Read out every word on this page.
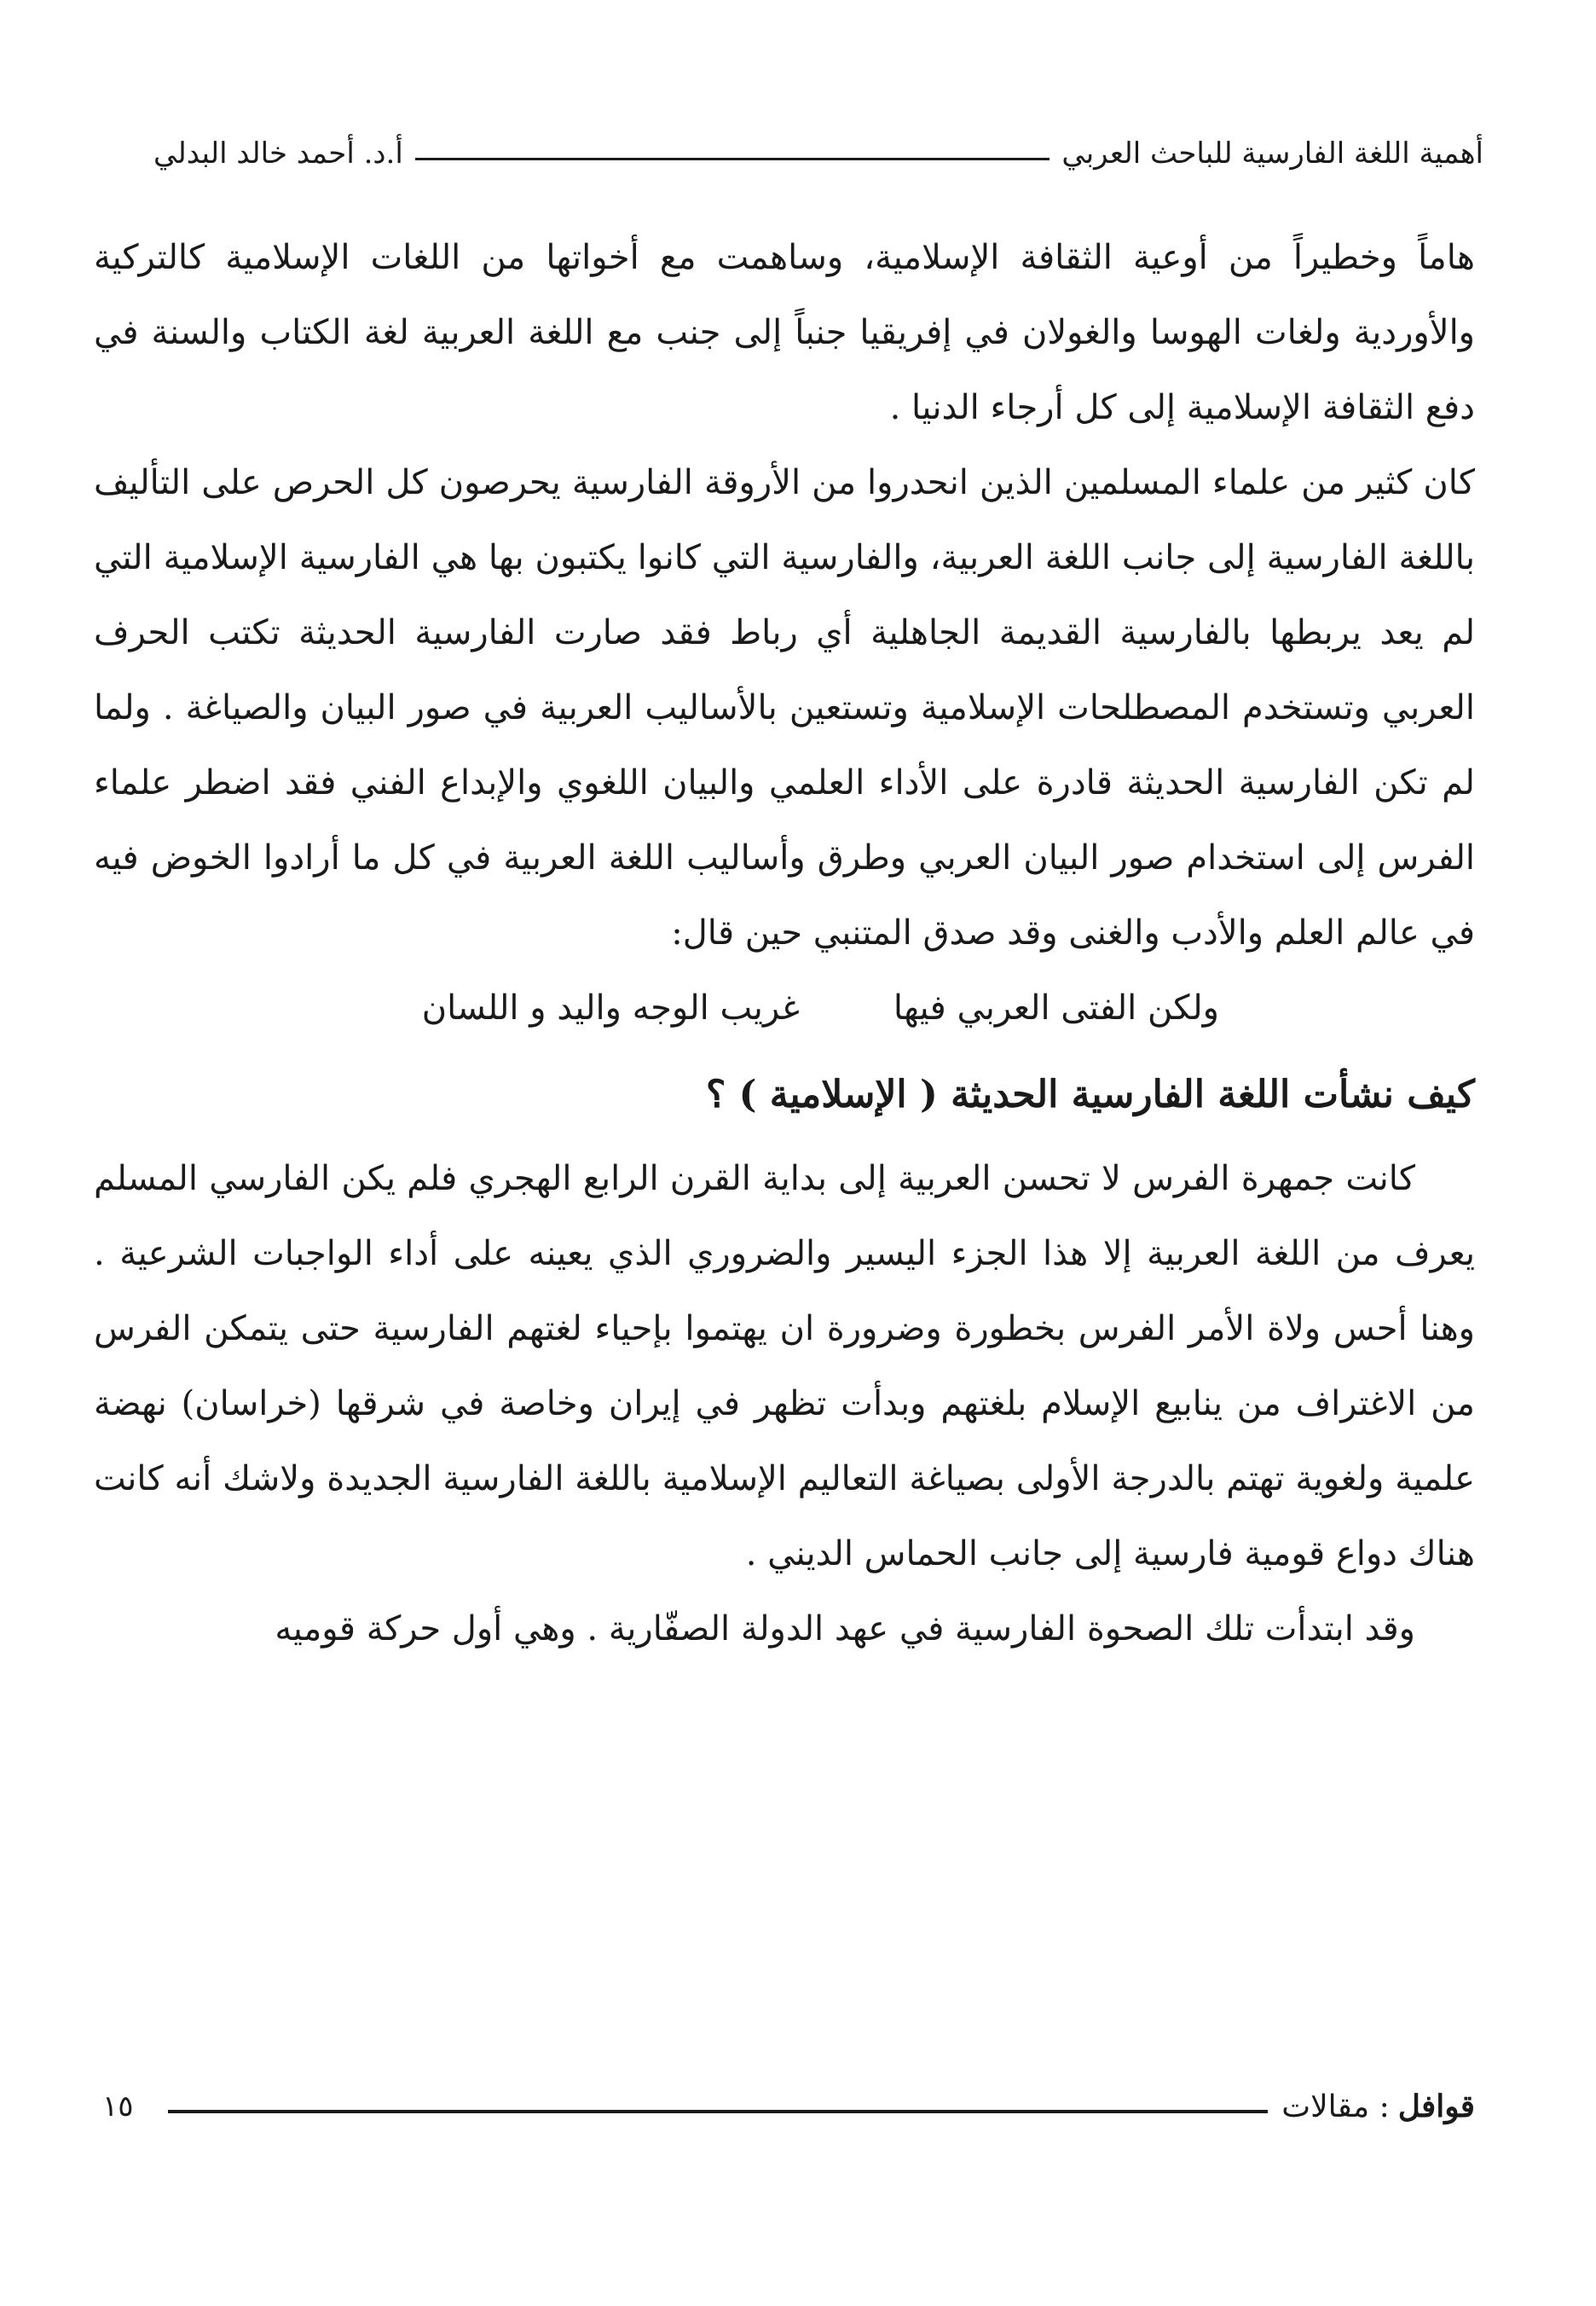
أهمية اللغة الفارسية للباحث العربي
أ.د. أحمد خالد البدلي

هاماً وخطيراً من أوعية الثقافة الإسلامية، وساهمت مع أخواتها من اللغات الإسلامية كالتركية والأوردية ولغات الهوسا والغولان في إفريقيا جنباً إلى جنب مع اللغة العربية لغة الكتاب والسنة في دفع الثقافة الإسلامية إلى كل أرجاء الدنيا .

كان كثير من علماء المسلمين الذين انحدروا من الأروقة الفارسية يحرصون كل الحرص على التأليف باللغة الفارسية إلى جانب اللغة العربية، والفارسية التي كانوا يكتبون بها هي الفارسية الإسلامية التي لم يعد يربطها بالفارسية القديمة الجاهلية أي رباط فقد صارت الفارسية الحديثة تكتب الحرف العربي وتستخدم المصطلحات الإسلامية وتستعين بالأساليب العربية في صور البيان والصياغة . ولما لم تكن الفارسية الحديثة قادرة على الأداء العلمي والبيان اللغوي والإبداع الفني فقد اضطر علماء الفرس إلى استخدام صور البيان العربي وطرق وأساليب اللغة العربية في كل ما أرادوا الخوض فيه في عالم العلم والأدب والغنى وقد صدق المتنبي حين قال:

ولكن الفتى العربي فيها
غريب الوجه واليد و اللسان
كيف نشأت اللغة الفارسية الحديثة ( الإسلامية ) ؟

كانت جمهرة الفرس لا تحسن العربية إلى بداية القرن الرابع الهجري فلم يكن الفارسي المسلم يعرف من اللغة العربية إلا هذا الجزء اليسير والضروري الذي يعينه على أداء الواجبات الشرعية . وهنا أحس ولاة الأمر الفرس بخطورة وضرورة ان يهتموا بإحياء لغتهم الفارسية حتى يتمكن الفرس من الاغتراف من ينابيع الإسلام بلغتهم وبدأت تظهر في إيران وخاصة في شرقها (خراسان) نهضة علمية ولغوية تهتم بالدرجة الأولى بصياغة التعاليم الإسلامية باللغة الفارسية الجديدة ولاشك أنه كانت هناك دواع قومية فارسية إلى جانب الحماس الديني .

وقد ابتدأت تلك الصحوة الفارسية في عهد الدولة الصفّارية . وهي أول حركة قوميه

قوافل
: مقالات
١٥
